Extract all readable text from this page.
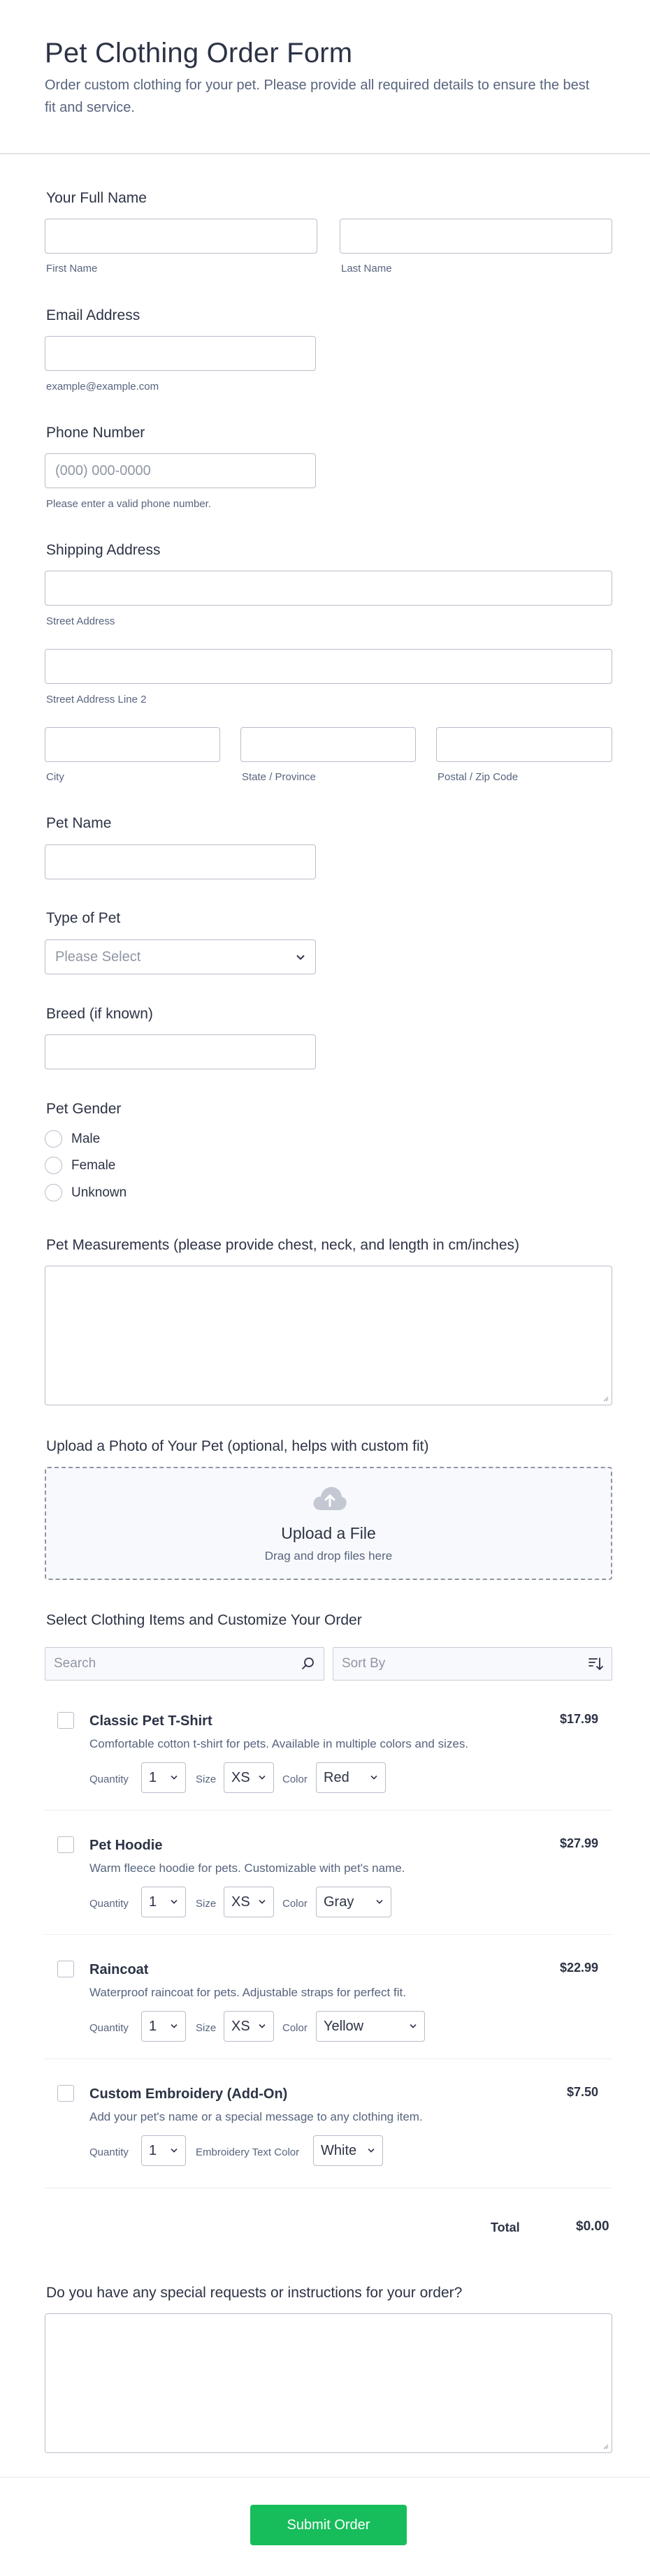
Pet Clothing Order Form

Order custom clothing for your pet. Please provide all required details to ensure the best fit and service.

Your Full Name
First Name	Last Name
Email Address
example@example.com
Phone Number
(000) 000-0000
Please enter a valid phone number.
Shipping Address
Street Address
Street Address Line 2
City	State / Province	Postal / Zip Code
Pet Name
Type of Pet
Please Select
Breed (if known)
Pet Gender
Male
Female
Unknown
Pet Measurements (please provide chest, neck, and length in cm/inches)
Upload a Photo of Your Pet (optional, helps with custom fit)
Upload a File
Drag and drop files here
Select Clothing Items and Customize Your Order
Search	Sort By
Classic Pet T-Shirt	$17.99
Comfortable cotton t-shirt for pets. Available in multiple colors and sizes.
Quantity 1	Size XS	Color Red
Pet Hoodie	$27.99
Warm fleece hoodie for pets. Customizable with pet's name.
Quantity 1	Size XS	Color Gray
Raincoat	$22.99
Waterproof raincoat for pets. Adjustable straps for perfect fit.
Quantity 1	Size XS	Color Yellow
Custom Embroidery (Add-On)	$7.50
Add your pet's name or a special message to any clothing item.
Quantity 1	Embroidery Text Color White
Total	$0.00
Do you have any special requests or instructions for your order?
Submit Order
